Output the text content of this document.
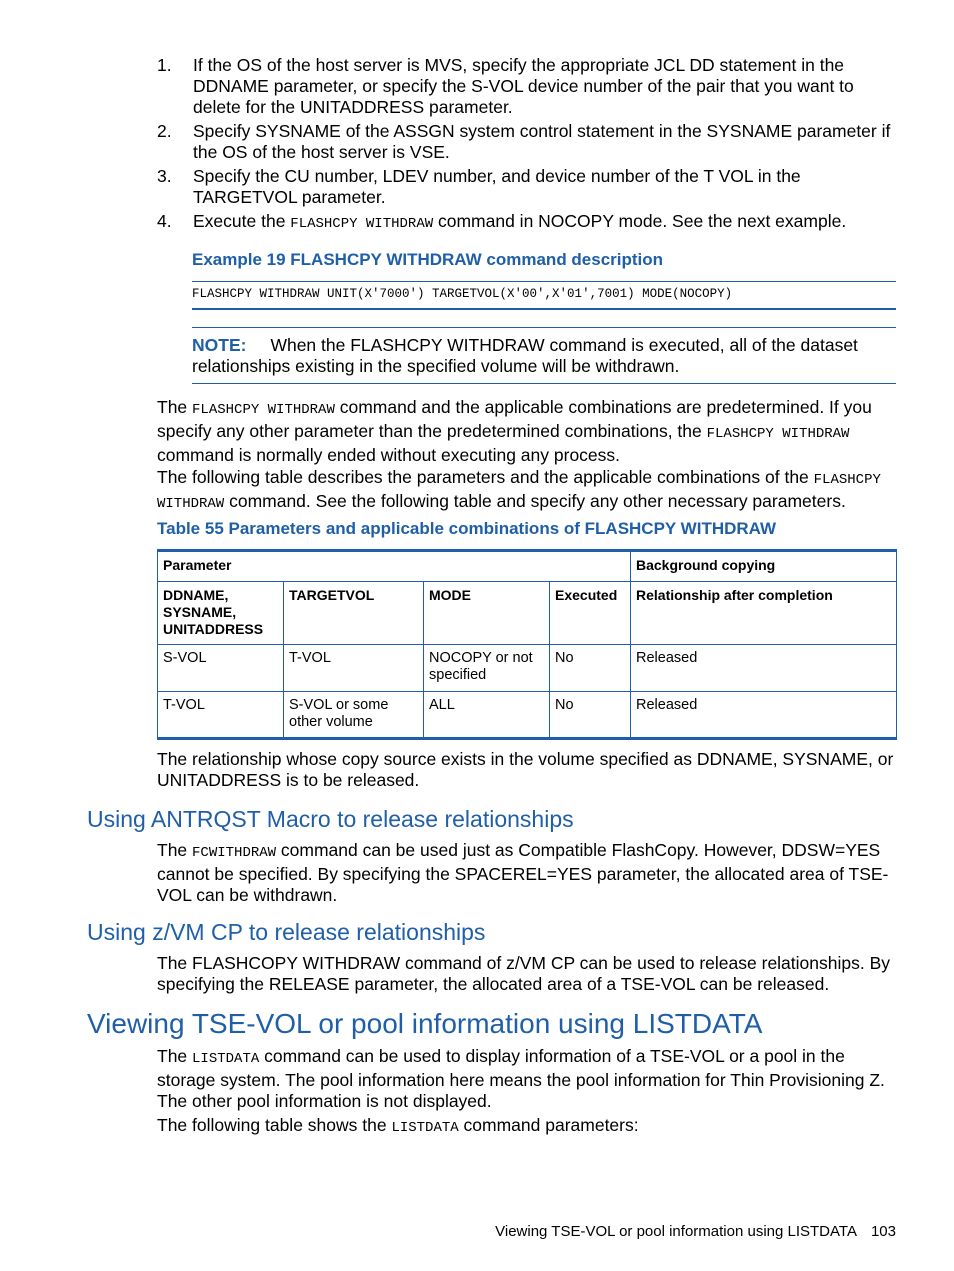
1. If the OS of the host server is MVS, specify the appropriate JCL DD statement in the DDNAME parameter, or specify the S-VOL device number of the pair that you want to delete for the UNITADDRESS parameter.
2. Specify SYSNAME of the ASSGN system control statement in the SYSNAME parameter if the OS of the host server is VSE.
3. Specify the CU number, LDEV number, and device number of the T VOL in the TARGETVOL parameter.
4. Execute the FLASHCPY WITHDRAW command in NOCOPY mode. See the next example.
Example 19 FLASHCPY WITHDRAW command description
FLASHCPY WITHDRAW UNIT(X'7000') TARGETVOL(X'00',X'01',7001) MODE(NOCOPY)
NOTE: When the FLASHCPY WITHDRAW command is executed, all of the dataset relationships existing in the specified volume will be withdrawn.
The FLASHCPY WITHDRAW command and the applicable combinations are predetermined. If you specify any other parameter than the predetermined combinations, the FLASHCPY WITHDRAW command is normally ended without executing any process.
The following table describes the parameters and the applicable combinations of the FLASHCPY WITHDRAW command. See the following table and specify any other necessary parameters.
Table 55 Parameters and applicable combinations of FLASHCPY WITHDRAW
Parameter				Background copying
DDNAME, SYSNAME, UNITADDRESS	TARGETVOL	MODE	Executed	Relationship after completion
S-VOL	T-VOL	NOCOPY or not specified	No	Released
T-VOL	S-VOL or some other volume	ALL	No	Released
The relationship whose copy source exists in the volume specified as DDNAME, SYSNAME, or UNITADDRESS is to be released.
Using ANTRQST Macro to release relationships
The FCWITHDRAW command can be used just as Compatible FlashCopy. However, DDSW=YES cannot be specified. By specifying the SPACEREL=YES parameter, the allocated area of TSE-VOL can be withdrawn.
Using z/VM CP to release relationships
The FLASHCOPY WITHDRAW command of z/VM CP can be used to release relationships. By specifying the RELEASE parameter, the allocated area of a TSE-VOL can be released.
Viewing TSE-VOL or pool information using LISTDATA
The LISTDATA command can be used to display information of a TSE-VOL or a pool in the storage system. The pool information here means the pool information for Thin Provisioning Z. The other pool information is not displayed.
The following table shows the LISTDATA command parameters:
Viewing TSE-VOL or pool information using LISTDATA 103
